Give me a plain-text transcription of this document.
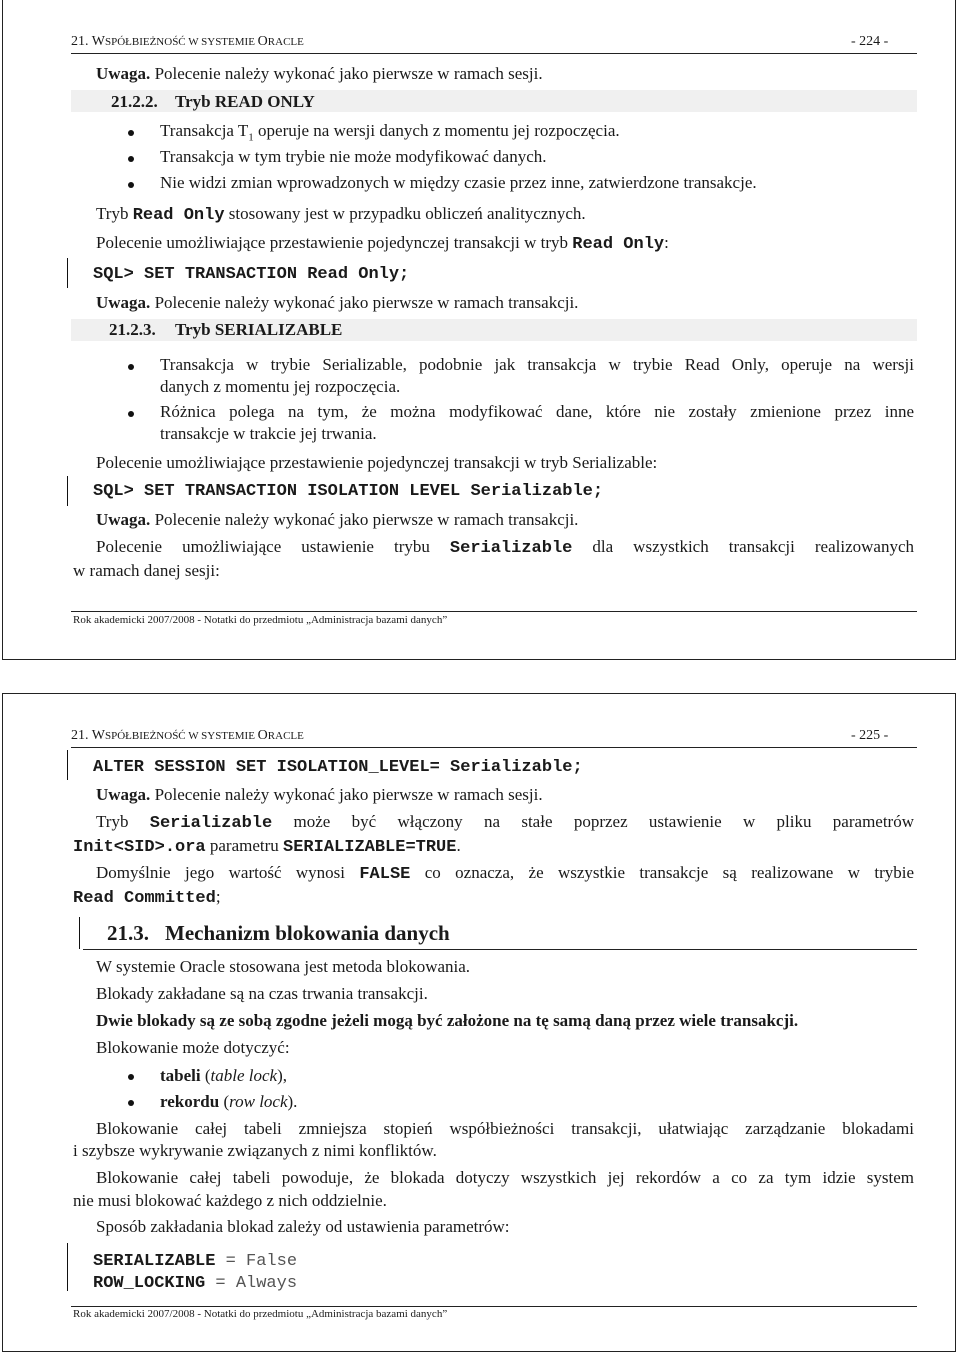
21. WSPÓŁBIEŻNOŚĆ W SYSTEMIE ORACLE	- 224 -
Uwaga. Polecenie należy wykonać jako pierwsze w ramach sesji.
21.2.2. Tryb READ ONLY
Transakcja $T_1$ operuje na wersji danych z momentu jej rozpoczęcia.
Transakcja w tym trybie nie może modyfikować danych.
Nie widzi zmian wprowadzonych w między czasie przez inne, zatwierdzone transakcje.
Tryb Read Only stosowany jest w przypadku obliczeń analitycznych.
Polecenie umożliwiające przestawienie pojedynczej transakcji w tryb Read Only:
SQL> SET TRANSACTION Read Only;
Uwaga. Polecenie należy wykonać jako pierwsze w ramach transakcji.
21.2.3. Tryb SERIALIZABLE
Transakcja w trybie Serializable, podobnie jak transakcja w trybie Read Only, operuje na wersji
danych z momentu jej rozpoczęcia.
Różnica polega na tym, że można modyfikować dane, które nie zostały zmienione przez inne
transakcje w trakcie jej trwania.
Polecenie umożliwiające przestawienie pojedynczej transakcji w tryb Serializable:
SQL> SET TRANSACTION ISOLATION LEVEL Serializable;
Uwaga. Polecenie należy wykonać jako pierwsze w ramach transakcji.
Polecenie umożliwiające ustawienie trybu Serializable dla wszystkich transakcji realizowanych
w ramach danej sesji:
Rok akademicki 2007/2008 - Notatki do przedmiotu „Administracja bazami danych”
21. WSPÓŁBIEŻNOŚĆ W SYSTEMIE ORACLE	- 225 -
ALTER SESSION SET ISOLATION_LEVEL= Serializable;
Uwaga. Polecenie należy wykonać jako pierwsze w ramach sesji.
Tryb Serializable może być włączony na stałe poprzez ustawienie w pliku parametrów
Init<SID>.ora parametru SERIALIZABLE=TRUE.
Domyślnie jego wartość wynosi FALSE co oznacza, że wszystkie transakcje są realizowane w trybie
Read Committed;
21.3. Mechanizm blokowania danych
W systemie Oracle stosowana jest metoda blokowania.
Blokady zakładane są na czas trwania transakcji.
Dwie blokady są ze sobą zgodne jeżeli mogą być założone na tę samą daną przez wiele transakcji.
Blokowanie może dotyczyć:
tabeli (table lock),
rekordu (row lock).
Blokowanie całej tabeli zmniejsza stopień współbieżności transakcji, ułatwiając zarządzanie blokadami
i szybsze wykrywanie związanych z nimi konfliktów.
Blokowanie całej tabeli powoduje, że blokada dotyczy wszystkich jej rekordów a co za tym idzie system
nie musi blokować każdego z nich oddzielnie.
Sposób zakładania blokad zależy od ustawienia parametrów:
SERIALIZABLE = False
ROW_LOCKING = Always
Rok akademicki 2007/2008 - Notatki do przedmiotu „Administracja bazami danych”
